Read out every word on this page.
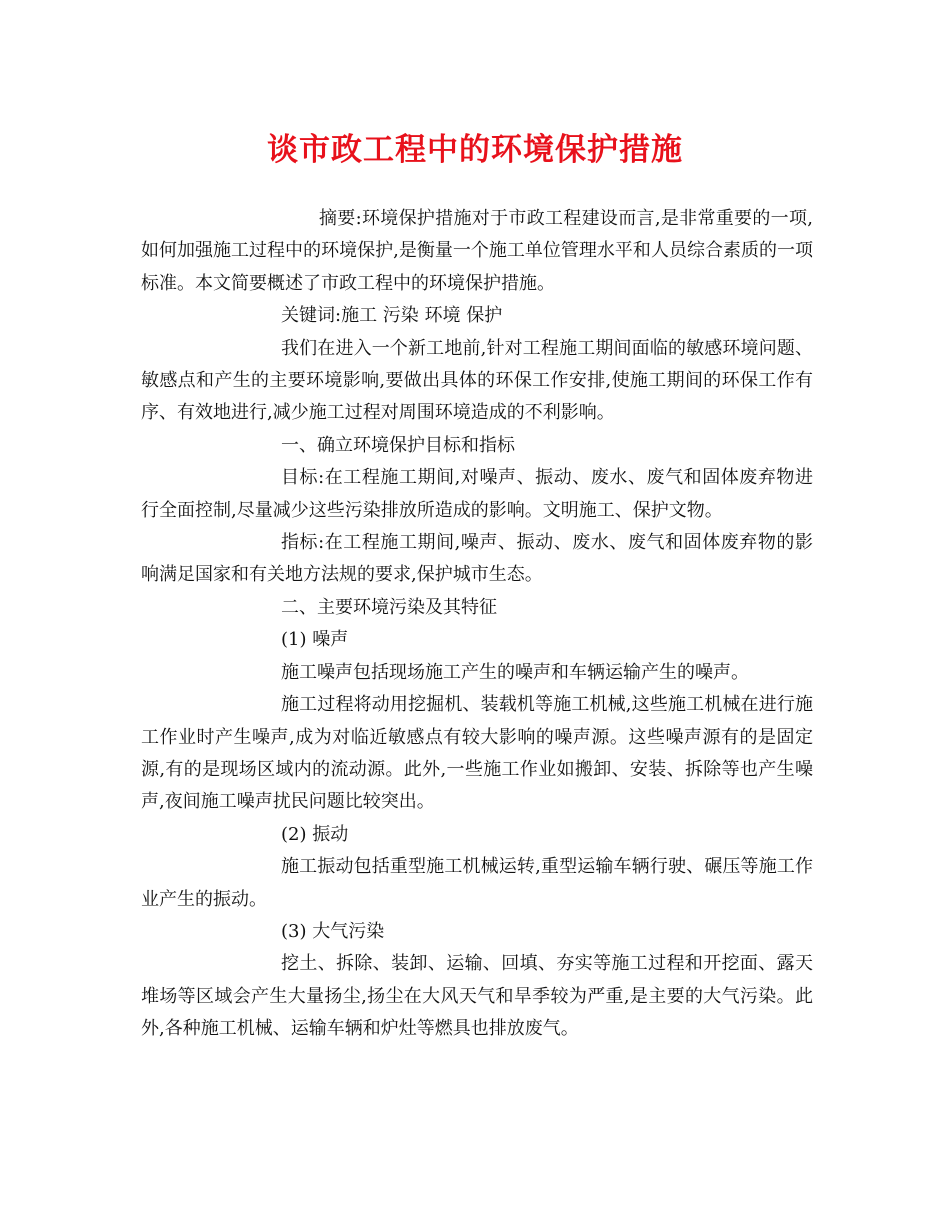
谈市政工程中的环境保护措施

摘要:环境保护措施对于市政工程建设而言,是非常重要的一项,如何加强施工过程中的环境保护,是衡量一个施工单位管理水平和人员综合素质的一项标准。本文简要概述了市政工程中的环境保护措施。

关键词:施工 污染 环境 保护

我们在进入一个新工地前,针对工程施工期间面临的敏感环境问题、敏感点和产生的主要环境影响,要做出具体的环保工作安排,使施工期间的环保工作有序、有效地进行,减少施工过程对周围环境造成的不利影响。

一、确立环境保护目标和指标

目标:在工程施工期间,对噪声、振动、废水、废气和固体废弃物进行全面控制,尽量减少这些污染排放所造成的影响。文明施工、保护文物。

指标:在工程施工期间,噪声、振动、废水、废气和固体废弃物的影响满足国家和有关地方法规的要求,保护城市生态。

二、主要环境污染及其特征

(1) 噪声

施工噪声包括现场施工产生的噪声和车辆运输产生的噪声。

施工过程将动用挖掘机、装载机等施工机械,这些施工机械在进行施工作业时产生噪声,成为对临近敏感点有较大影响的噪声源。这些噪声源有的是固定源,有的是现场区域内的流动源。此外,一些施工作业如搬卸、安装、拆除等也产生噪声,夜间施工噪声扰民问题比较突出。

(2) 振动

施工振动包括重型施工机械运转,重型运输车辆行驶、碾压等施工作业产生的振动。

(3) 大气污染

挖土、拆除、装卸、运输、回填、夯实等施工过程和开挖面、露天堆场等区域会产生大量扬尘,扬尘在大风天气和旱季较为严重,是主要的大气污染。此外,各种施工机械、运输车辆和炉灶等燃具也排放废气。
